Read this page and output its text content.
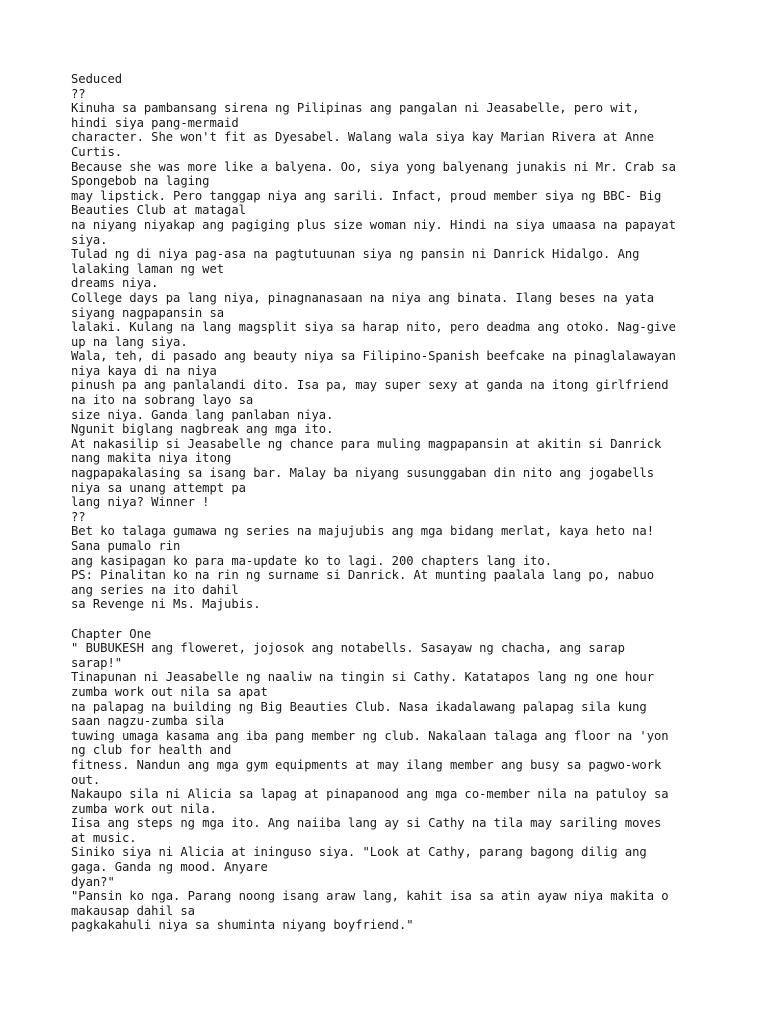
Seduced
??
Kinuha sa pambansang sirena ng Pilipinas ang pangalan ni Jeasabelle, pero wit,
hindi siya pang-mermaid
character. She won't fit as Dyesabel. Walang wala siya kay Marian Rivera at Anne
Curtis.
Because she was more like a balyena. Oo, siya yong balyenang junakis ni Mr. Crab sa
Spongebob na laging
may lipstick. Pero tanggap niya ang sarili. Infact, proud member siya ng BBC- Big
Beauties Club at matagal
na niyang niyakap ang pagiging plus size woman niy. Hindi na siya umaasa na papayat
siya.
Tulad ng di niya pag-asa na pagtutuunan siya ng pansin ni Danrick Hidalgo. Ang
lalaking laman ng wet
dreams niya.
College days pa lang niya, pinagnanasaan na niya ang binata. Ilang beses na yata
siyang nagpapansin sa
lalaki. Kulang na lang magsplit siya sa harap nito, pero deadma ang otoko. Nag-give
up na lang siya.
Wala, teh, di pasado ang beauty niya sa Filipino-Spanish beefcake na pinaglalawayan
niya kaya di na niya
pinush pa ang panlalandi dito. Isa pa, may super sexy at ganda na itong girlfriend
na ito na sobrang layo sa
size niya. Ganda lang panlaban niya.
Ngunit biglang nagbreak ang mga ito.
At nakasilip si Jeasabelle ng chance para muling magpapansin at akitin si Danrick
nang makita niya itong
nagpapakalasing sa isang bar. Malay ba niyang susunggaban din nito ang jogabells
niya sa unang attempt pa
lang niya? Winner !
??
Bet ko talaga gumawa ng series na majujubis ang mga bidang merlat, kaya heto na!
Sana pumalo rin
ang kasipagan ko para ma-update ko to lagi. 200 chapters lang ito.
PS: Pinalitan ko na rin ng surname si Danrick. At munting paalala lang po, nabuo
ang series na ito dahil
sa Revenge ni Ms. Majubis.
Chapter One
" BUBUKESH ang floweret, jojosok ang notabells. Sasayaw ng chacha, ang sarap
sarap!"
Tinapunan ni Jeasabelle ng naaliw na tingin si Cathy. Katatapos lang ng one hour
zumba work out nila sa apat
na palapag na building ng Big Beauties Club. Nasa ikadalawang palapag sila kung
saan nagzu-zumba sila
tuwing umaga kasama ang iba pang member ng club. Nakalaan talaga ang floor na 'yon
ng club for health and
fitness. Nandun ang mga gym equipments at may ilang member ang busy sa pagwo-work
out.
Nakaupo sila ni Alicia sa lapag at pinapanood ang mga co-member nila na patuloy sa
zumba work out nila.
Iisa ang steps ng mga ito. Ang naiiba lang ay si Cathy na tila may sariling moves
at music.
Siniko siya ni Alicia at ininguso siya. "Look at Cathy, parang bagong dilig ang
gaga. Ganda ng mood. Anyare
dyan?"
"Pansin ko nga. Parang noong isang araw lang, kahit isa sa atin ayaw niya makita o
makausap dahil sa
pagkakahuli niya sa shuminta niyang boyfriend."
